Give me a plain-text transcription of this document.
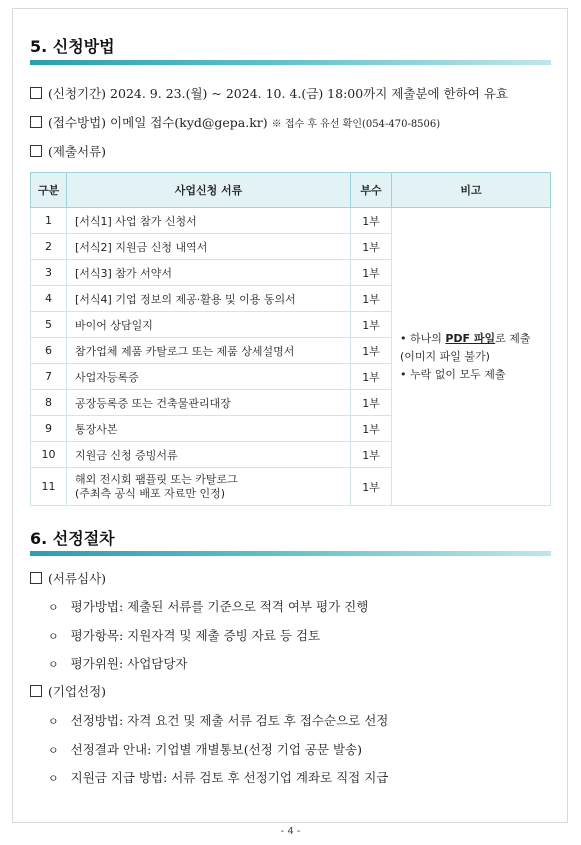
5. 신청방법
(신청기간) 2024. 9. 23.(월) ~ 2024. 10. 4.(금) 18:00까지 제출분에 한하여 유효
(접수방법) 이메일 접수(kyd@gepa.kr) ※ 접수 후 유선 확인(054-470-8506)
(제출서류)
구분	사업신청 서류	부수	비고
1	[서식1] 사업 참가 신청서	1부	• 하나의 PDF 파일로 제출
(이미지 파일 불가)
• 누락 없이 모두 제출
2	[서식2] 지원금 신청 내역서	1부	
3	[서식3] 참가 서약서	1부	
4	[서식4] 기업 정보의 제공·활용 및 이용 동의서	1부	
5	바이어 상담일지	1부	
6	참가업체 제품 카탈로그 또는 제품 상세설명서	1부	
7	사업자등록증	1부	
8	공장등록증 또는 건축물관리대장	1부	
9	통장사본	1부	
10	지원금 신청 증빙서류	1부	
11	해외 전시회 팸플릿 또는 카탈로그
(주최측 공식 배포 자료만 인정)	1부	
6. 선정절차
(서류심사)
ㅇ 평가방법: 제출된 서류를 기준으로 적격 여부 평가 진행
ㅇ 평가항목: 지원자격 및 제출 증빙 자료 등 검토
ㅇ 평가위원: 사업담당자
(기업선정)
ㅇ 선정방법: 자격 요건 및 제출 서류 검토 후 접수순으로 선정
ㅇ 선정결과 안내: 기업별 개별통보(선정 기업 공문 발송)
ㅇ 지원금 지급 방법: 서류 검토 후 선정기업 계좌로 직접 지급
- 4 -
